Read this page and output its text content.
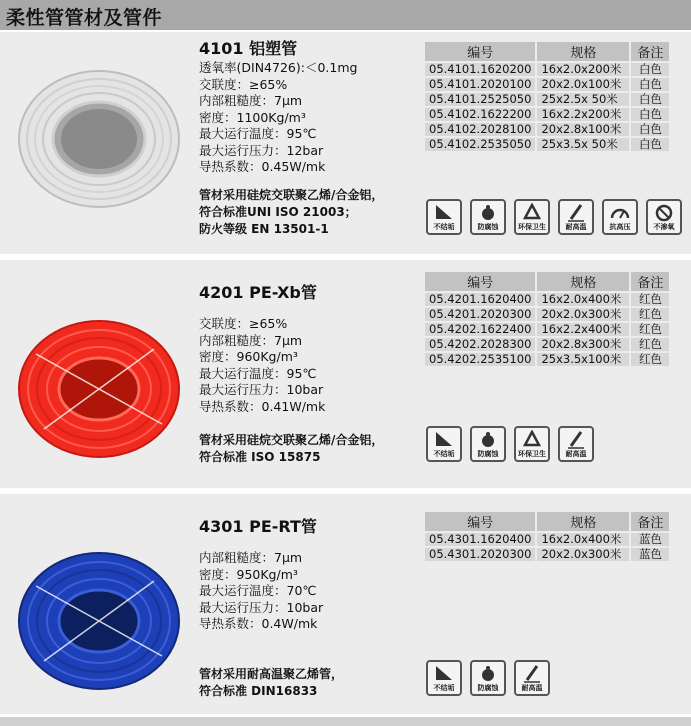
柔性管管材及管件
4101 铝塑管
透氧率(DIN4726):＜0.1mg
交联度：≥65%
内部粗糙度：7μm
密度：1100Kg/m³
最大运行温度：95℃
最大运行压力：12bar
导热系数：0.45W/mk
管材采用硅烷交联聚乙烯/合金铝，
符合标准UNI ISO 21003；
防火等级 EN 13501-1
编号	规格	备注
05.4101.1620200	16x2.0x200米	白色
05.4101.2020100	20x2.0x100米	白色
05.4101.2525050	25x2.5x 50米	白色
05.4102.1622200	16x2.2x200米	白色
05.4102.2028100	20x2.8x100米	白色
05.4102.2535050	25x3.5x 50米	白色
不结垢	防腐蚀	环保卫生	耐高温	抗高压	不渗氧
4201 PE-Xb管
交联度：≥65%
内部粗糙度：7μm
密度：960Kg/m³
最大运行温度：95℃
最大运行压力：10bar
导热系数：0.41W/mk
管材采用硅烷交联聚乙烯/合金铝，
符合标准 ISO 15875
编号	规格	备注
05.4201.1620400	16x2.0x400米	红色
05.4201.2020300	20x2.0x300米	红色
05.4202.1622400	16x2.2x400米	红色
05.4202.2028300	20x2.8x300米	红色
05.4202.2535100	25x3.5x100米	红色
不结垢	防腐蚀	环保卫生	耐高温
4301 PE-RT管
内部粗糙度：7μm
密度：950Kg/m³
最大运行温度：70℃
最大运行压力：10bar
导热系数：0.4W/mk
管材采用耐高温聚乙烯管，
符合标准 DIN16833
编号	规格	备注
05.4301.1620400	16x2.0x400米	蓝色
05.4301.2020300	20x2.0x300米	蓝色
不结垢	防腐蚀	耐高温
